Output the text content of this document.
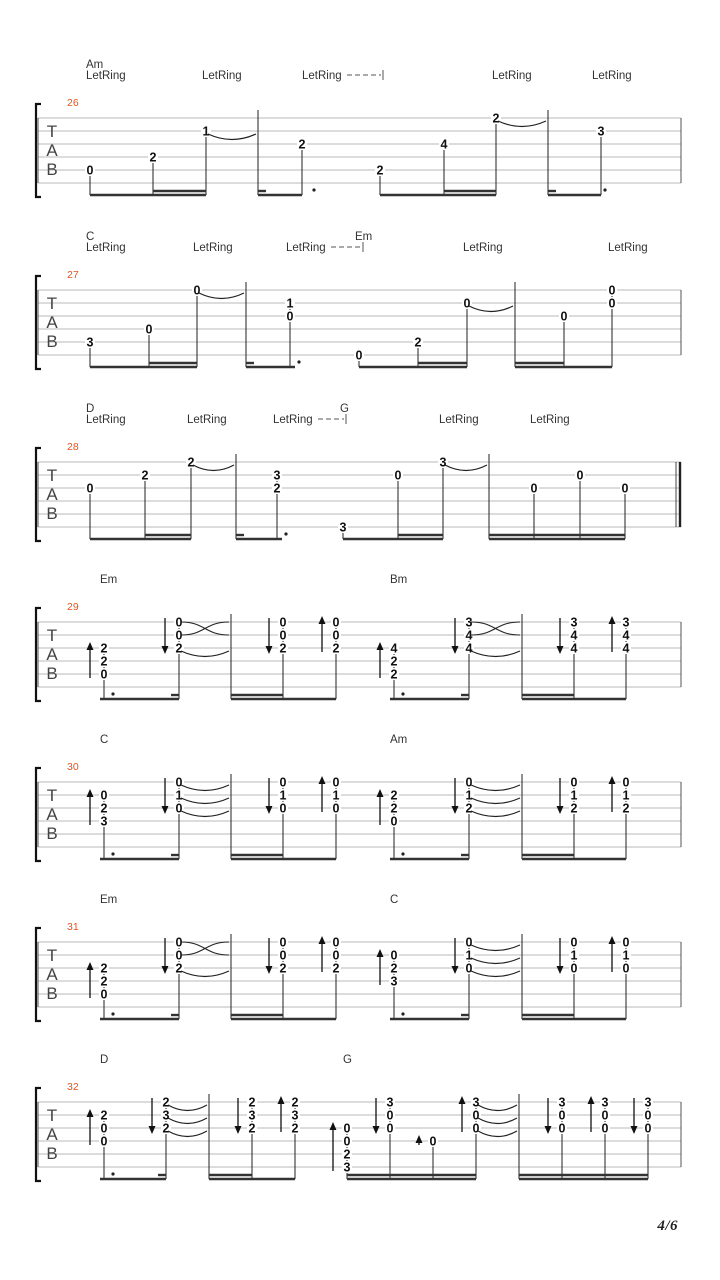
T
A
B
26
Am
LetRing	LetRing	LetRing	LetRing	LetRing
0
2
1
2
2
4
2
3
T
A
B
27
C
LetRing	LetRing	LetRing
Em
LetRing	LetRing
3
0
0
1
0
0
2
0
0
0
0
T
A
B
28
D
LetRing	LetRing	LetRing
G
LetRing	LetRing
0
2
2
3
2
3
0
3
0
0
0
T
A
B
29
Em	Bm
2
2
0
0
0
2
0
0
2
0
0
2	4
2
2
3
4
4
3
4
4
3
4
4
T
A
B
30
C	Am
0
2
3
0
1
0
0
1
0
0
1
0
2
2
0
0
1
2
0
1
2
0
1
2
T
A
B
31
Em	C
2
2
0
0
0
2
0
0
2
0
0
2
0
2
3
0
1
0
0
1
0
0
1
0
T
A
B
32
D	G
2
0
0
2
3
2
2
3
2
2
3
2	0
0
2
3
3
0
0
0
3
0
0
3
0
0
3
0
0
3
0
0
4/6
